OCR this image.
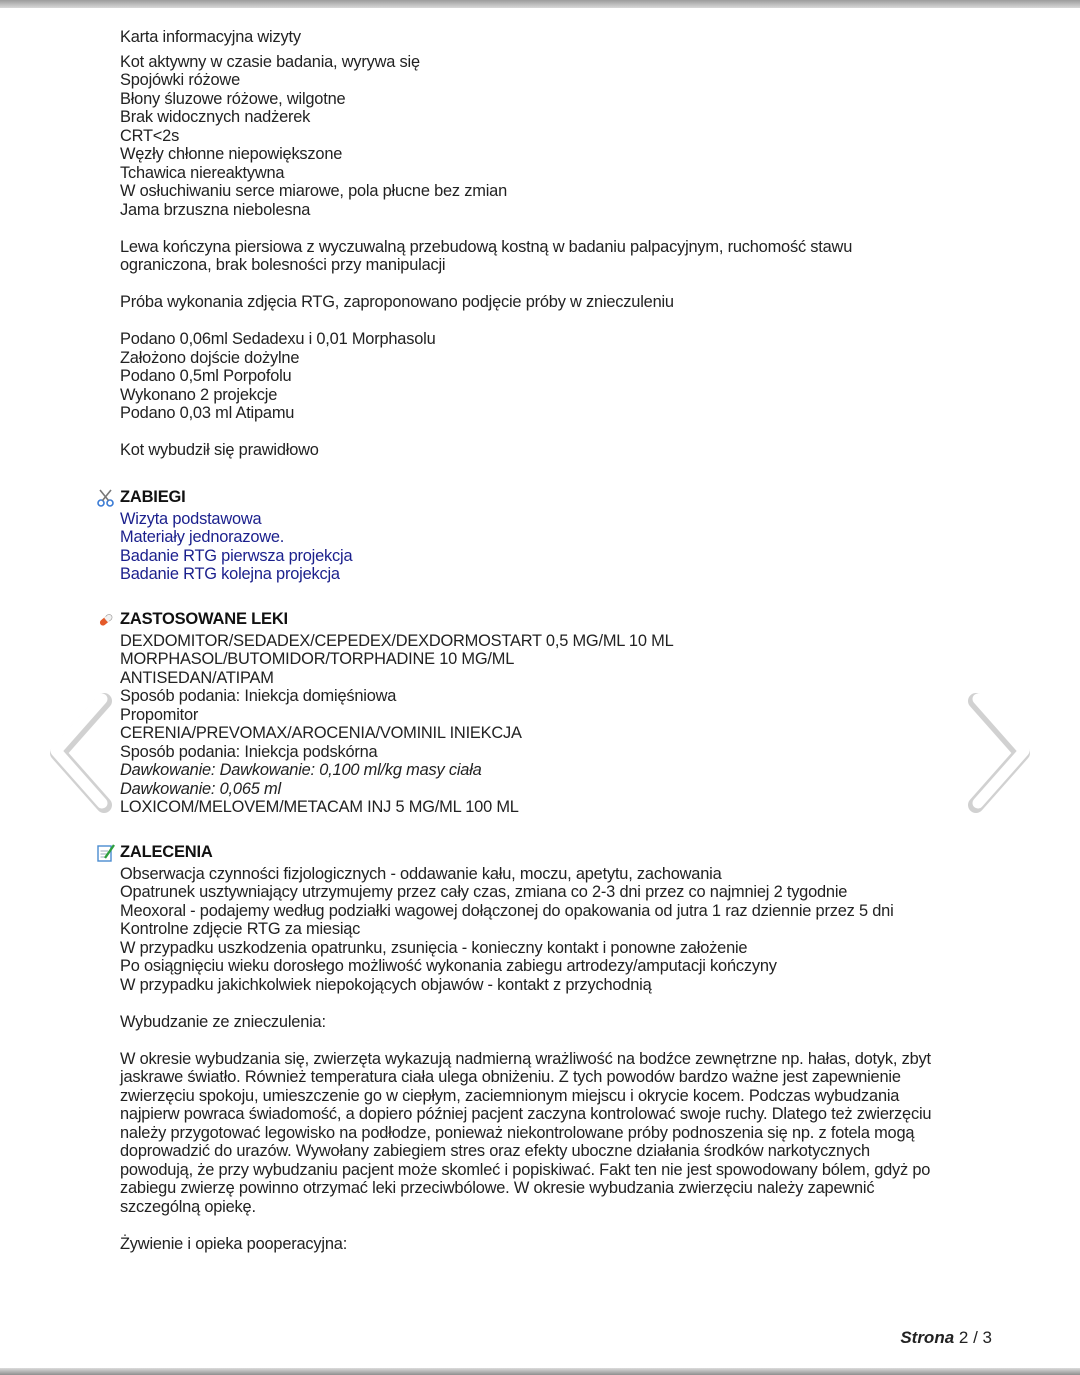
Karta informacyjna wizyty
Kot aktywny w czasie badania, wyrywa się
Spojówki różowe
Błony śluzowe różowe, wilgotne
Brak widocznych nadżerek
CRT<2s
Węzły chłonne niepowiększone
Tchawica niereaktywna
W osłuchiwaniu serce miarowe, pola płucne bez zmian
Jama brzuszna niebolesna
Lewa kończyna piersiowa z wyczuwalną przebudową kostną w badaniu palpacyjnym, ruchomość stawu
ograniczona, brak bolesności przy manipulacji
Próba wykonania zdjęcia RTG, zaproponowano podjęcie próby w znieczuleniu
Podano 0,06ml Sedadexu i 0,01 Morphasolu
Założono dojście dożylne
Podano 0,5ml Porpofolu
Wykonano 2 projekcje
Podano 0,03 ml Atipamu
Kot wybudził się prawidłowo
ZABIEGI
Wizyta podstawowa
Materiały jednorazowe.
Badanie RTG pierwsza projekcja
Badanie RTG kolejna projekcja
ZASTOSOWANE LEKI
DEXDOMITOR/SEDADEX/CEPEDEX/DEXDORMOSTART 0,5 MG/ML 10 ML
MORPHASOL/BUTOMIDOR/TORPHADINE 10 MG/ML
ANTISEDAN/ATIPAM
Sposób podania: Iniekcja domięśniowa
Propomitor
CERENIA/PREVOMAX/AROCENIA/VOMINIL INIEKCJA
Sposób podania: Iniekcja podskórna
Dawkowanie: Dawkowanie: 0,100 ml/kg masy ciała
Dawkowanie: 0,065 ml
LOXICOM/MELOVEM/METACAM INJ 5 MG/ML 100 ML
ZALECENIA
Obserwacja czynności fizjologicznych - oddawanie kału, moczu, apetytu, zachowania
Opatrunek usztywniający utrzymujemy przez cały czas, zmiana co 2-3 dni przez co najmniej 2 tygodnie
Meoxoral - podajemy według podziałki wagowej dołączonej do opakowania od jutra 1 raz dziennie przez 5 dni
Kontrolne zdjęcie RTG za miesiąc
W przypadku uszkodzenia opatrunku, zsunięcia - konieczny kontakt i ponowne założenie
Po osiągnięciu wieku dorosłego możliwość wykonania zabiegu artrodezy/amputacji kończyny
W przypadku jakichkolwiek niepokojących objawów - kontakt z przychodnią
Wybudzanie ze znieczulenia:
W okresie wybudzania się, zwierzęta wykazują nadmierną wrażliwość na bodźce zewnętrzne np. hałas, dotyk, zbyt
jaskrawe światło. Również temperatura ciała ulega obniżeniu. Z tych powodów bardzo ważne jest zapewnienie
zwierzęciu spokoju, umieszczenie go w ciepłym, zaciemnionym miejscu i okrycie kocem. Podczas wybudzania
najpierw powraca świadomość, a dopiero później pacjent zaczyna kontrolować swoje ruchy. Dlatego też zwierzęciu
należy przygotować legowisko na podłodze, ponieważ niekontrolowane próby podnoszenia się np. z fotela mogą
doprowadzić do urazów. Wywołany zabiegiem stres oraz efekty uboczne działania środków narkotycznych
powodują, że przy wybudzaniu pacjent może skomleć i popiskiwać. Fakt ten nie jest spowodowany bólem, gdyż po
zabiegu zwierzę powinno otrzymać leki przeciwbólowe. W okresie wybudzania zwierzęciu należy zapewnić
szczególną opiekę.
Żywienie i opieka pooperacyjna:
Strona 2 / 3
